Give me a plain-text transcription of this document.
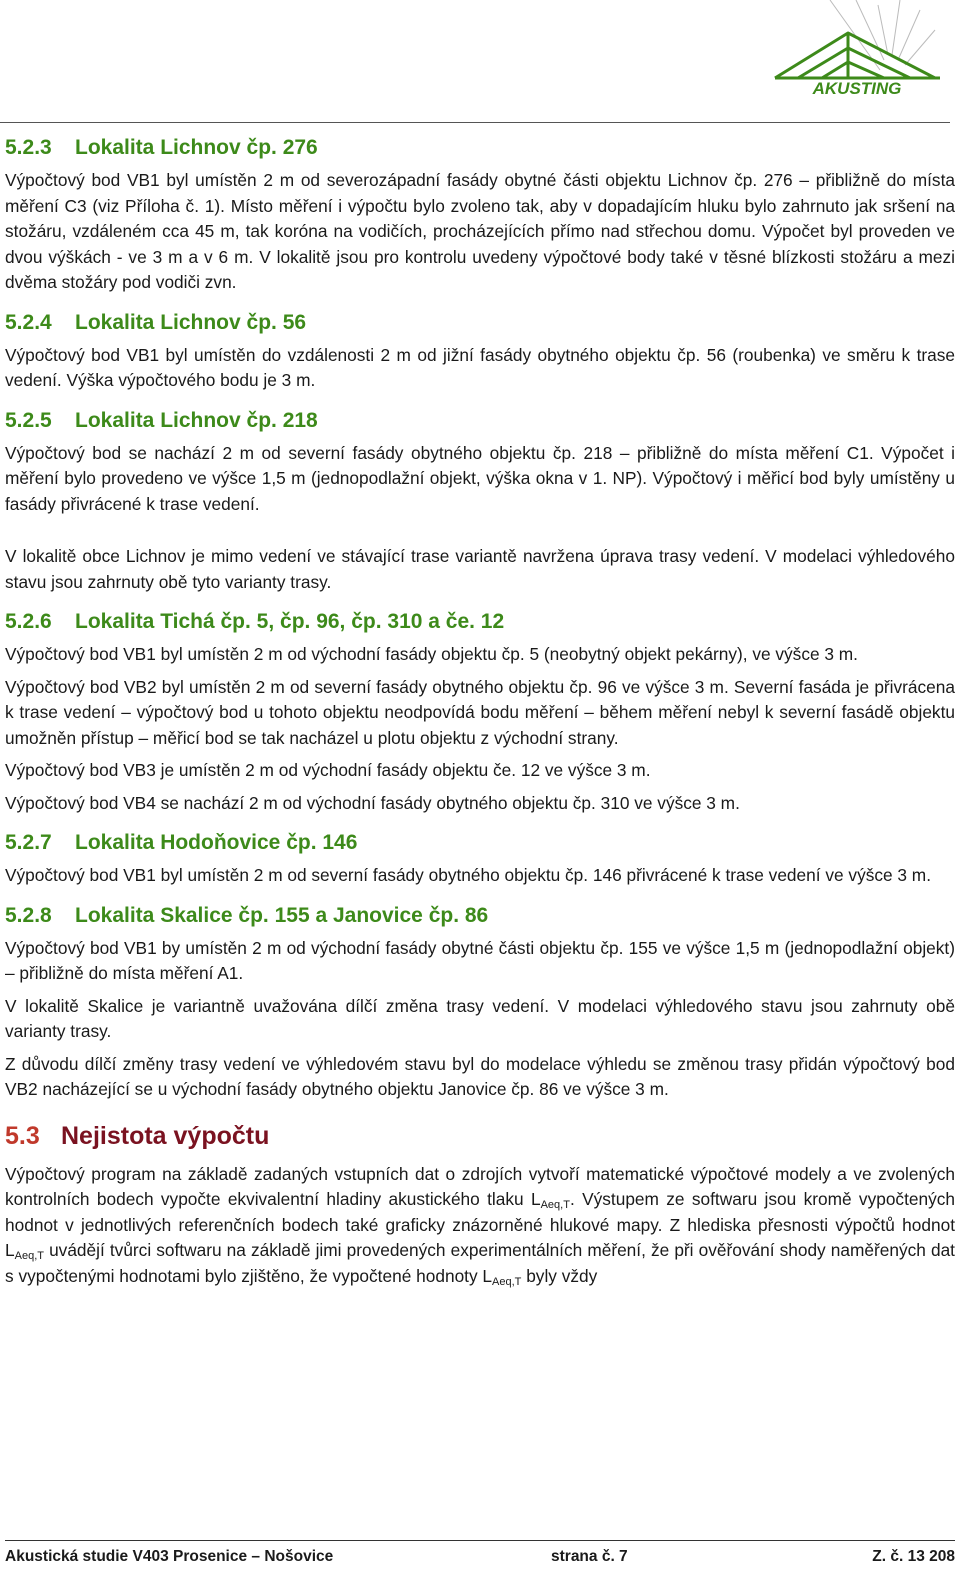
AKUSTING
5.2.3 Lokalita Lichnov čp. 276

Výpočtový bod VB1 byl umístěn 2 m od severozápadní fasády obytné části objektu Lichnov čp. 276 – přibližně do místa měření C3 (viz Příloha č. 1). Místo měření i výpočtu bylo zvoleno tak, aby v dopadajícím hluku bylo zahrnuto jak sršení na stožáru, vzdáleném cca 45 m, tak koróna na vodičích, procházejících přímo nad střechou domu. Výpočet byl proveden ve dvou výškách - ve 3 m a v 6 m. V lokalitě jsou pro kontrolu uvedeny výpočtové body také v těsné blízkosti stožáru a mezi dvěma stožáry pod vodiči zvn.

5.2.4 Lokalita Lichnov čp. 56

Výpočtový bod VB1 byl umístěn do vzdálenosti 2 m od jižní fasády obytného objektu čp. 56 (roubenka) ve směru k trase vedení. Výška výpočtového bodu je 3 m.

5.2.5 Lokalita Lichnov čp. 218

Výpočtový bod se nachází 2 m od severní fasády obytného objektu čp. 218 – přibližně do místa měření C1. Výpočet i měření bylo provedeno ve výšce 1,5 m (jednopodlažní objekt, výška okna v 1. NP). Výpočtový i měřicí bod byly umístěny u fasády přivrácené k trase vedení.

V lokalitě obce Lichnov je mimo vedení ve stávající trase variantě navržena úprava trasy vedení. V modelaci výhledového stavu jsou zahrnuty obě tyto varianty trasy.

5.2.6 Lokalita Tichá čp. 5, čp. 96, čp. 310 a če. 12

Výpočtový bod VB1 byl umístěn 2 m od východní fasády objektu čp. 5 (neobytný objekt pekárny), ve výšce 3 m.

Výpočtový bod VB2 byl umístěn 2 m od severní fasády obytného objektu čp. 96 ve výšce 3 m. Severní fasáda je přivrácena k trase vedení – výpočtový bod u tohoto objektu neodpovídá bodu měření – během měření nebyl k severní fasádě objektu umožněn přístup – měřicí bod se tak nacházel u plotu objektu z východní strany.

Výpočtový bod VB3 je umístěn 2 m od východní fasády objektu če. 12 ve výšce 3 m.

Výpočtový bod VB4 se nachází 2 m od východní fasády obytného objektu čp. 310 ve výšce 3 m.

5.2.7 Lokalita Hodoňovice čp. 146

Výpočtový bod VB1 byl umístěn 2 m od severní fasády obytného objektu čp. 146 přivrácené k trase vedení ve výšce 3 m.

5.2.8 Lokalita Skalice čp. 155 a Janovice čp. 86

Výpočtový bod VB1 by umístěn 2 m od východní fasády obytné části objektu čp. 155 ve výšce 1,5 m (jednopodlažní objekt) – přibližně do místa měření A1.

V lokalitě Skalice je variantně uvažována dílčí změna trasy vedení. V modelaci výhledového stavu jsou zahrnuty obě varianty trasy.

Z důvodu dílčí změny trasy vedení ve výhledovém stavu byl do modelace výhledu se změnou trasy přidán výpočtový bod VB2 nacházející se u východní fasády obytného objektu Janovice čp. 86 ve výšce 3 m.

5.3 Nejistota výpočtu

Výpočtový program na základě zadaných vstupních dat o zdrojích vytvoří matematické výpočtové modely a ve zvolených kontrolních bodech vypočte ekvivalentní hladiny akustického tlaku $L_{Aeq,T}$. Výstupem ze softwaru jsou kromě vypočtených hodnot v jednotlivých referenčních bodech také graficky znázorněné hlukové mapy. Z hlediska přesnosti výpočtů hodnot $L_{Aeq,T}$ uvádějí tvůrci softwaru na základě jimi provedených experimentálních měření, že při ověřování shody naměřených dat s vypočtenými hodnotami bylo zjištěno, že vypočtené hodnoty $L_{Aeq,T}$ byly vždy

Akustická studie V403 Prosenice – Nošovice	strana č. 7	Z. č. 13 208
